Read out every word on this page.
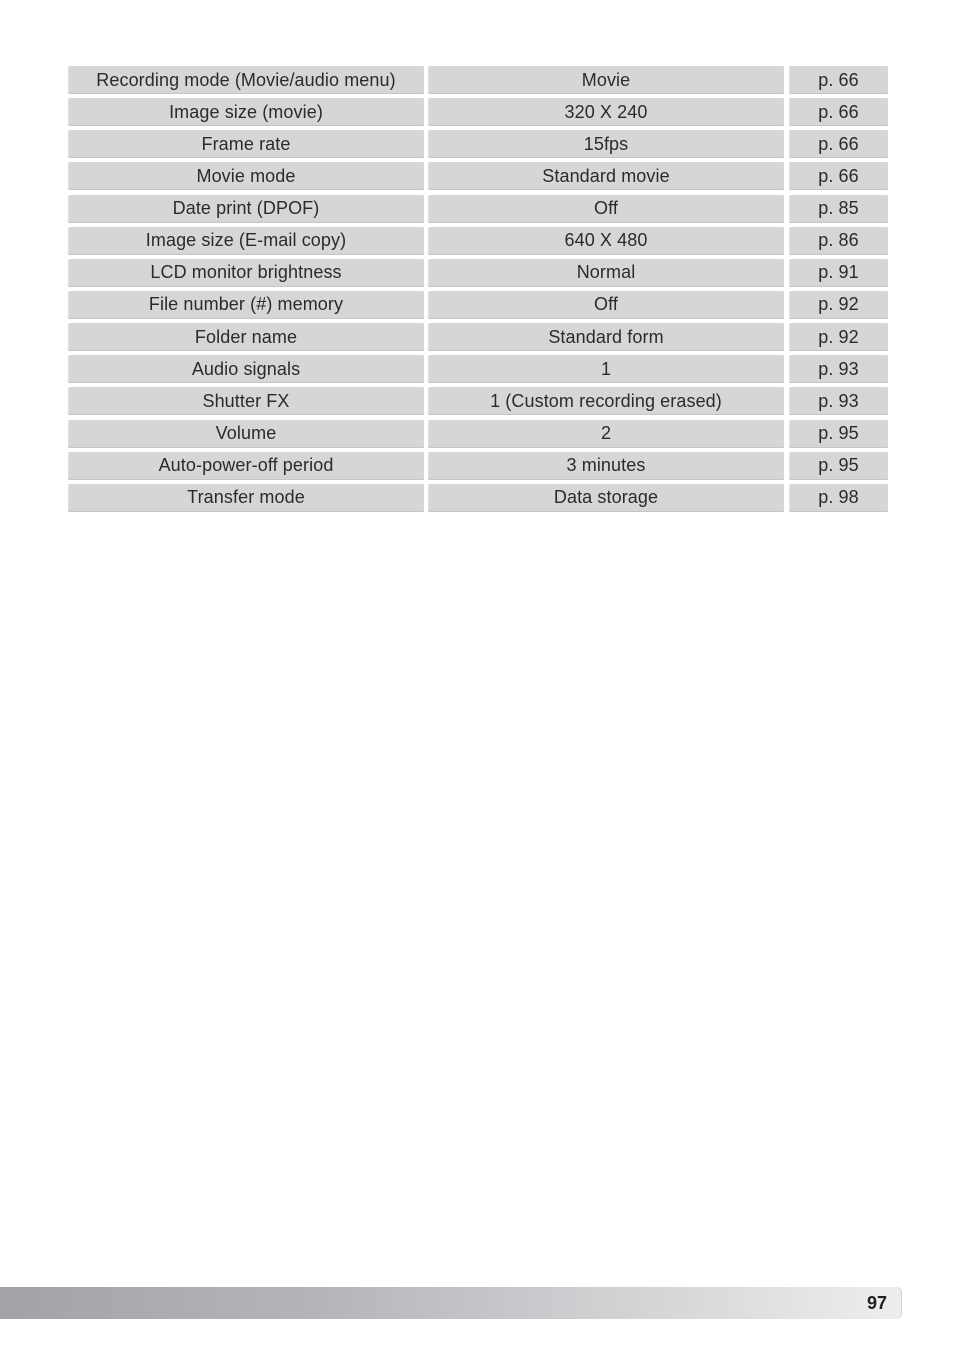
Recording mode (Movie/audio menu)	Movie	p. 66
Image size (movie)	320 X 240	p. 66
Frame rate	15fps	p. 66
Movie mode	Standard movie	p. 66
Date print (DPOF)	Off	p. 85
Image size (E-mail copy)	640 X 480	p. 86
LCD monitor brightness	Normal	p. 91
File number (#) memory	Off	p. 92
Folder name	Standard form	p. 92
Audio signals	1	p. 93
Shutter FX	1 (Custom recording erased)	p. 93
Volume	2	p. 95
Auto-power-off period	3 minutes	p. 95
Transfer mode	Data storage	p. 98
97
